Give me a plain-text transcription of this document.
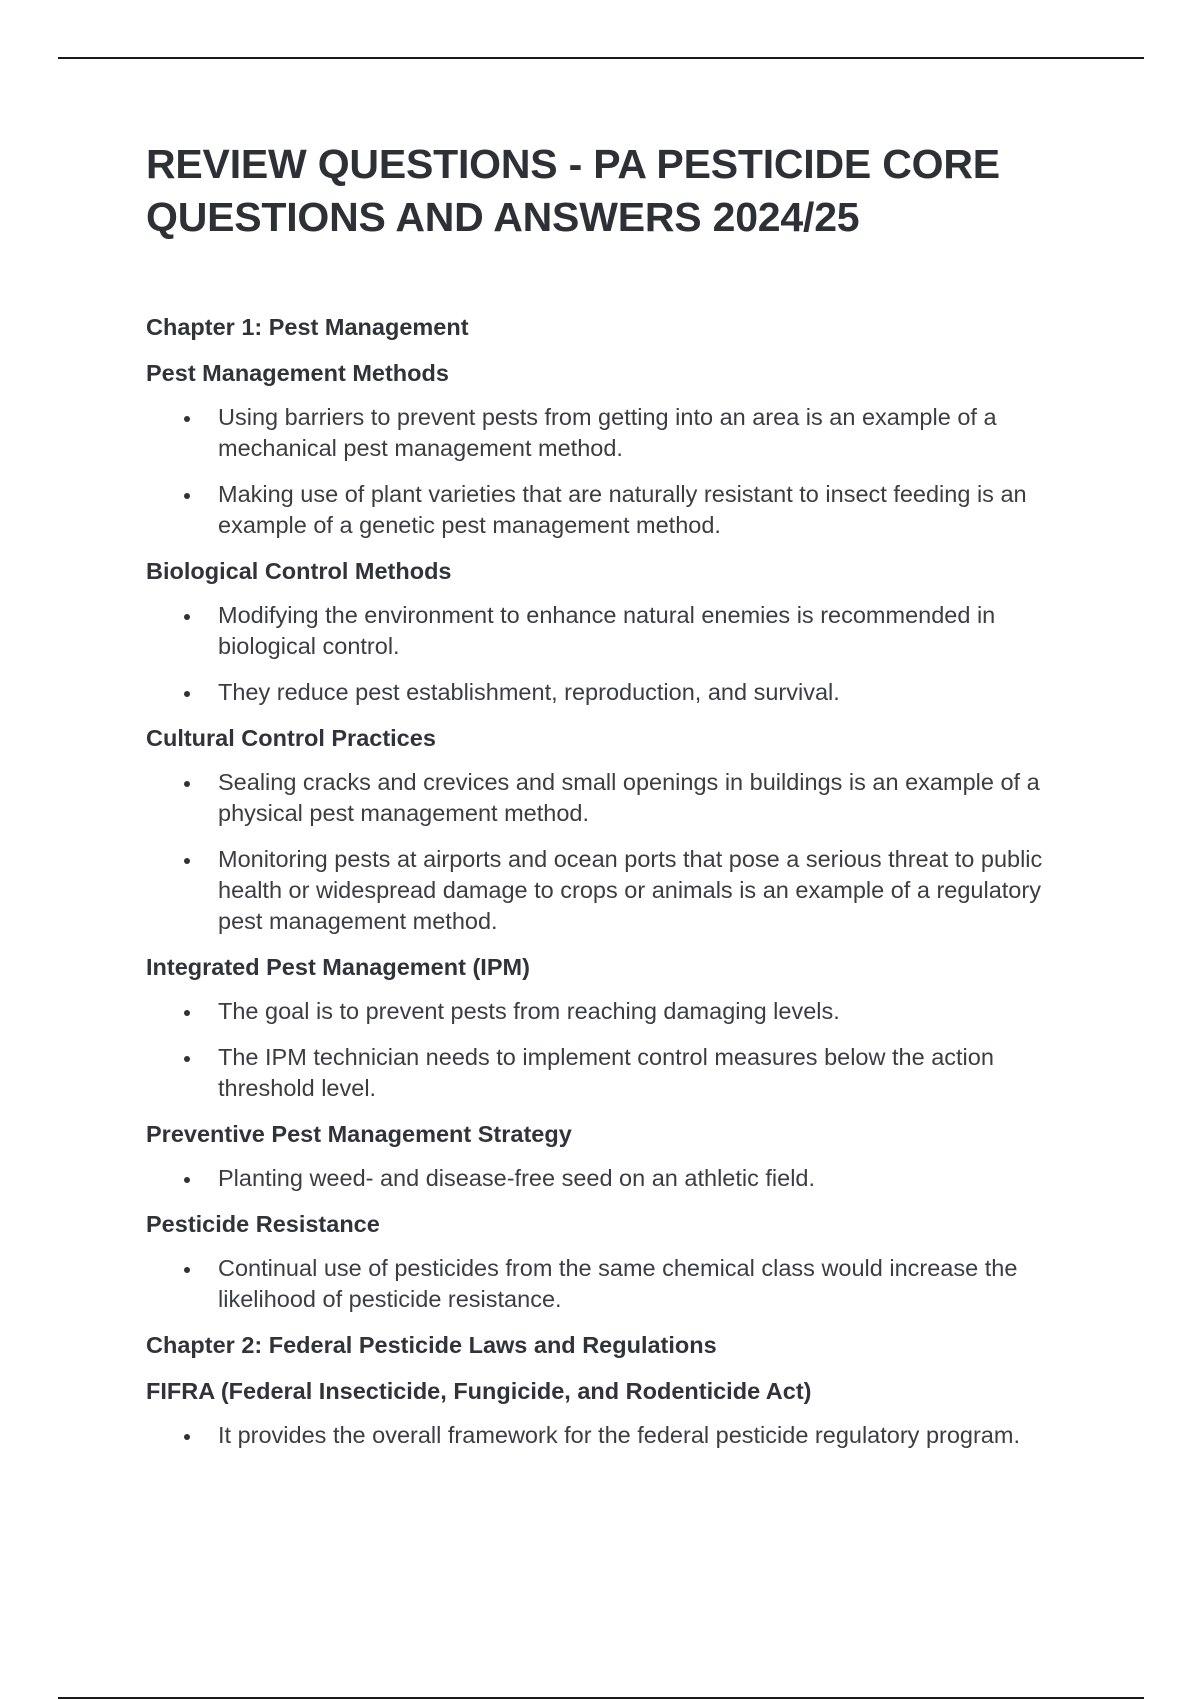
REVIEW QUESTIONS - PA PESTICIDE CORE QUESTIONS AND ANSWERS 2024/25
Chapter 1: Pest Management
Pest Management Methods
Using barriers to prevent pests from getting into an area is an example of a mechanical pest management method.
Making use of plant varieties that are naturally resistant to insect feeding is an example of a genetic pest management method.
Biological Control Methods
Modifying the environment to enhance natural enemies is recommended in biological control.
They reduce pest establishment, reproduction, and survival.
Cultural Control Practices
Sealing cracks and crevices and small openings in buildings is an example of a physical pest management method.
Monitoring pests at airports and ocean ports that pose a serious threat to public health or widespread damage to crops or animals is an example of a regulatory pest management method.
Integrated Pest Management (IPM)
The goal is to prevent pests from reaching damaging levels.
The IPM technician needs to implement control measures below the action threshold level.
Preventive Pest Management Strategy
Planting weed- and disease-free seed on an athletic field.
Pesticide Resistance
Continual use of pesticides from the same chemical class would increase the likelihood of pesticide resistance.
Chapter 2: Federal Pesticide Laws and Regulations
FIFRA (Federal Insecticide, Fungicide, and Rodenticide Act)
It provides the overall framework for the federal pesticide regulatory program.
